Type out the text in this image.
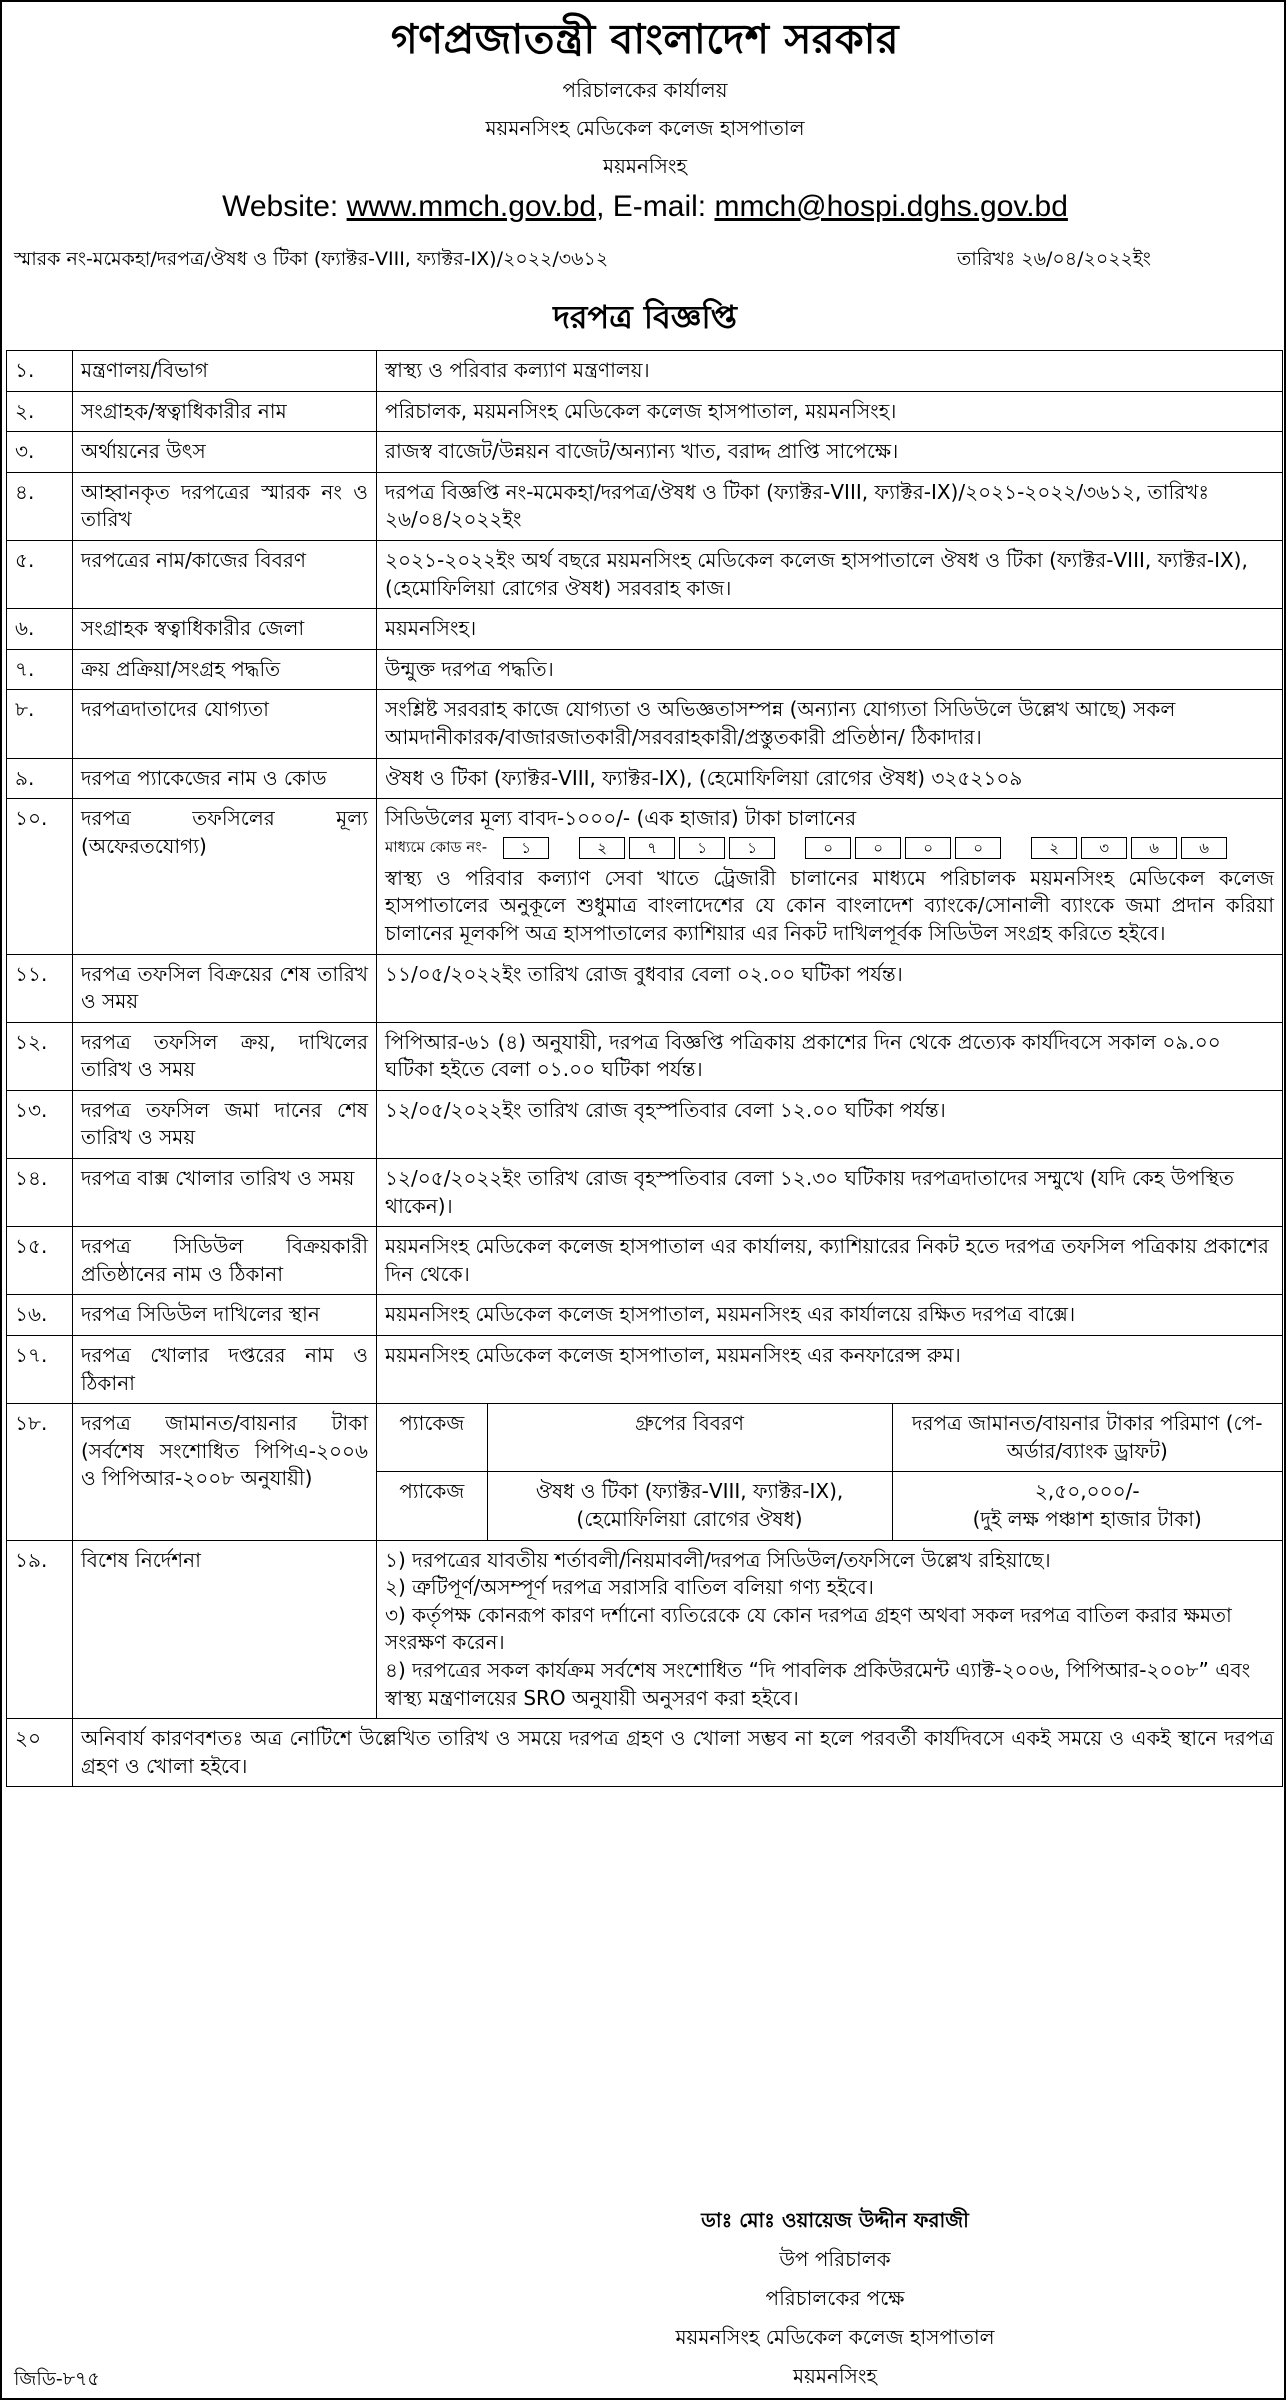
গণপ্রজাতন্ত্রী বাংলাদেশ সরকার
পরিচালকের কার্যালয়
ময়মনসিংহ মেডিকেল কলেজ হাসপাতাল
ময়মনসিংহ
Website: www.mmch.gov.bd, E-mail: mmch@hospi.dghs.gov.bd
স্মারক নং-মমেকহা/দরপত্র/ঔষধ ও টিকা (ফ্যাক্টর-VIII, ফ্যাক্টর-IX)/২০২২/৩৬১২	তারিখঃ ২৬/০৪/২০২২ইং
দরপত্র বিজ্ঞপ্তি
১.	মন্ত্রণালয়/বিভাগ	স্বাস্থ্য ও পরিবার কল্যাণ মন্ত্রণালয়।
২.	সংগ্রাহক/স্বত্বাধিকারীর নাম	পরিচালক, ময়মনসিংহ মেডিকেল কলেজ হাসপাতাল, ময়মনসিংহ।
৩.	অর্থায়নের উৎস	রাজস্ব বাজেট/উন্নয়ন বাজেট/অন্যান্য খাত, বরাদ্দ প্রাপ্তি সাপেক্ষে।
৪.	আহ্বানকৃত দরপত্রের স্মারক নং ও তারিখ	দরপত্র বিজ্ঞপ্তি নং-মমেকহা/দরপত্র/ঔষধ ও টিকা (ফ্যাক্টর-VIII, ফ্যাক্টর-IX)/২০২১-২০২২/৩৬১২, তারিখঃ ২৬/০৪/২০২২ইং
৫.	দরপত্রের নাম/কাজের বিবরণ	২০২১-২০২২ইং অর্থ বছরে ময়মনসিংহ মেডিকেল কলেজ হাসপাতালে ঔষধ ও টিকা (ফ্যাক্টর-VIII, ফ্যাক্টর-IX), (হেমোফিলিয়া রোগের ঔষধ) সরবরাহ কাজ।
৬.	সংগ্রাহক স্বত্বাধিকারীর জেলা	ময়মনসিংহ।
৭.	ক্রয় প্রক্রিয়া/সংগ্রহ পদ্ধতি	উন্মুক্ত দরপত্র পদ্ধতি।
৮.	দরপত্রদাতাদের যোগ্যতা	সংশ্লিষ্ট সরবরাহ কাজে যোগ্যতা ও অভিজ্ঞতাসম্পন্ন (অন্যান্য যোগ্যতা সিডিউলে উল্লেখ আছে) সকল আমদানীকারক/বাজারজাতকারী/সরবরাহকারী/প্রস্তুতকারী প্রতিষ্ঠান/ ঠিকাদার।
৯.	দরপত্র প্যাকেজের নাম ও কোড	ঔষধ ও টিকা (ফ্যাক্টর-VIII, ফ্যাক্টর-IX), (হেমোফিলিয়া রোগের ঔষধ) ৩২৫২১০৯
১০.	দরপত্র তফসিলের মূল্য (অফেরতযোগ্য)	
সিডিউলের মূল্য বাবদ-১০০০/- (এক হাজার) টাকা চালানের
মাধ্যমে কোড নং-	১	২	৭	১	১	০	০	০	০	২	৩	৬	৬
স্বাস্থ্য ও পরিবার কল্যাণ সেবা খাতে ট্রেজারী চালানের মাধ্যমে পরিচালক ময়মনসিংহ মেডিকেল কলেজ হাসপাতালের অনুকূলে শুধুমাত্র বাংলাদেশের যে কোন বাংলাদেশ ব্যাংকে/সোনালী ব্যাংকে জমা প্রদান করিয়া চালানের মূলকপি অত্র হাসপাতালের ক্যাশিয়ার এর নিকট দাখিলপূর্বক সিডিউল সংগ্রহ করিতে হইবে।

১১.	দরপত্র তফসিল বিক্রয়ের শেষ তারিখ ও সময়	১১/০৫/২০২২ইং তারিখ রোজ বুধবার বেলা ০২.০০ ঘটিকা পর্যন্ত।
১২.	দরপত্র তফসিল ক্রয়, দাখিলের তারিখ ও সময়	পিপিআর-৬১ (৪) অনুযায়ী, দরপত্র বিজ্ঞপ্তি পত্রিকায় প্রকাশের দিন থেকে প্রত্যেক কার্যদিবসে সকাল ০৯.০০ ঘটিকা হইতে বেলা ০১.০০ ঘটিকা পর্যন্ত।
১৩.	দরপত্র তফসিল জমা দানের শেষ তারিখ ও সময়	১২/০৫/২০২২ইং তারিখ রোজ বৃহস্পতিবার বেলা ১২.০০ ঘটিকা পর্যন্ত।
১৪.	দরপত্র বাক্স খোলার তারিখ ও সময়	১২/০৫/২০২২ইং তারিখ রোজ বৃহস্পতিবার বেলা ১২.৩০ ঘটিকায় দরপত্রদাতাদের সম্মুখে (যদি কেহ উপস্থিত থাকেন)।
১৫.	দরপত্র সিডিউল বিক্রয়কারী প্রতিষ্ঠানের নাম ও ঠিকানা	ময়মনসিংহ মেডিকেল কলেজ হাসপাতাল এর কার্যালয়, ক্যাশিয়ারের নিকট হতে দরপত্র তফসিল পত্রিকায় প্রকাশের দিন থেকে।
১৬.	দরপত্র সিডিউল দাখিলের স্থান	ময়মনসিংহ মেডিকেল কলেজ হাসপাতাল, ময়মনসিংহ এর কার্যালয়ে রক্ষিত দরপত্র বাক্সে।
১৭.	দরপত্র খোলার দপ্তরের নাম ও ঠিকানা	ময়মনসিংহ মেডিকেল কলেজ হাসপাতাল, ময়মনসিংহ এর কনফারেন্স রুম।
১৮.	দরপত্র জামানত/বায়নার টাকা (সর্বশেষ সংশোধিত পিপিএ-২০০৬ ও পিপিআর-২০০৮ অনুযায়ী)	
প্যাকেজ	গ্রুপের বিবরণ	দরপত্র জামানত/বায়নার টাকার পরিমাণ (পে-অর্ডার/ব্যাংক ড্রাফট)
প্যাকেজ	ঔষধ ও টিকা (ফ্যাক্টর-VIII, ফ্যাক্টর-IX), (হেমোফিলিয়া রোগের ঔষধ)	
২,৫০,০০০/-
(দুই লক্ষ পঞ্চাশ হাজার টাকা)

১৯.	বিশেষ নির্দেশনা	১) দরপত্রের যাবতীয় শর্তাবলী/নিয়মাবলী/দরপত্র সিডিউল/তফসিলে উল্লেখ রহিয়াছে।
২) ত্রুটিপূর্ণ/অসম্পূর্ণ দরপত্র সরাসরি বাতিল বলিয়া গণ্য হইবে।
৩) কর্তৃপক্ষ কোনরূপ কারণ দর্শানো ব্যতিরেকে যে কোন দরপত্র গ্রহণ অথবা সকল দরপত্র বাতিল করার ক্ষমতা সংরক্ষণ করেন।
৪) দরপত্রের সকল কার্যক্রম সর্বশেষ সংশোধিত “দি পাবলিক প্রকিউরমেন্ট এ্যাক্ট-২০০৬, পিপিআর-২০০৮” এবং স্বাস্থ্য মন্ত্রণালয়ের SRO অনুযায়ী অনুসরণ করা হইবে।

২০	অনিবার্য কারণবশতঃ অত্র নোটিশে উল্লেখিত তারিখ ও সময়ে দরপত্র গ্রহণ ও খোলা সম্ভব না হলে পরবর্তী কার্যদিবসে একই সময়ে ও একই স্থানে দরপত্র গ্রহণ ও খোলা হইবে।
ডাঃ মোঃ ওয়ায়েজ উদ্দীন ফরাজী
উপ পরিচালক
পরিচালকের পক্ষে
ময়মনসিংহ মেডিকেল কলেজ হাসপাতাল
ময়মনসিংহ
জিডি-৮৭৫
